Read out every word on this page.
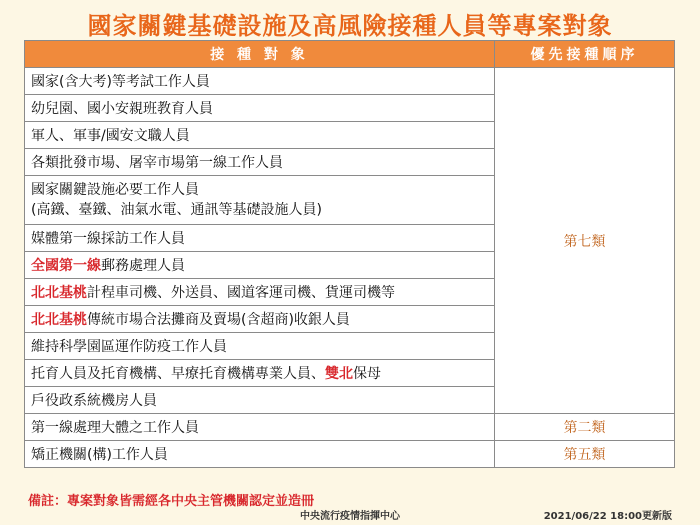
國家關鍵基礎設施及高風險接種人員等專案對象
接 種 對 象	優先接種順序
國家(含大考)等考試工作人員	第七類
幼兒園、國小安親班教育人員	
軍人、軍事/國安文職人員	
各類批發市場、屠宰市場第一線工作人員	
國家關鍵設施必要工作人員
(高鐵、臺鐵、油氣水電、通訊等基礎設施人員)	
媒體第一線採訪工作人員	
全國第一線郵務處理人員	
北北基桃計程車司機、外送員、國道客運司機、貨運司機等	
北北基桃傳統市場合法攤商及賣場(含超商)收銀人員	
維持科學園區運作防疫工作人員	
托育人員及托育機構、早療托育機構專業人員、雙北保母	
戶役政系統機房人員	
第一線處理大體之工作人員	第二類
矯正機關(構)工作人員	第五類
備註：專案對象皆需經各中央主管機關認定並造冊
中央流行疫情指揮中心	2021/06/22 18:00更新版
